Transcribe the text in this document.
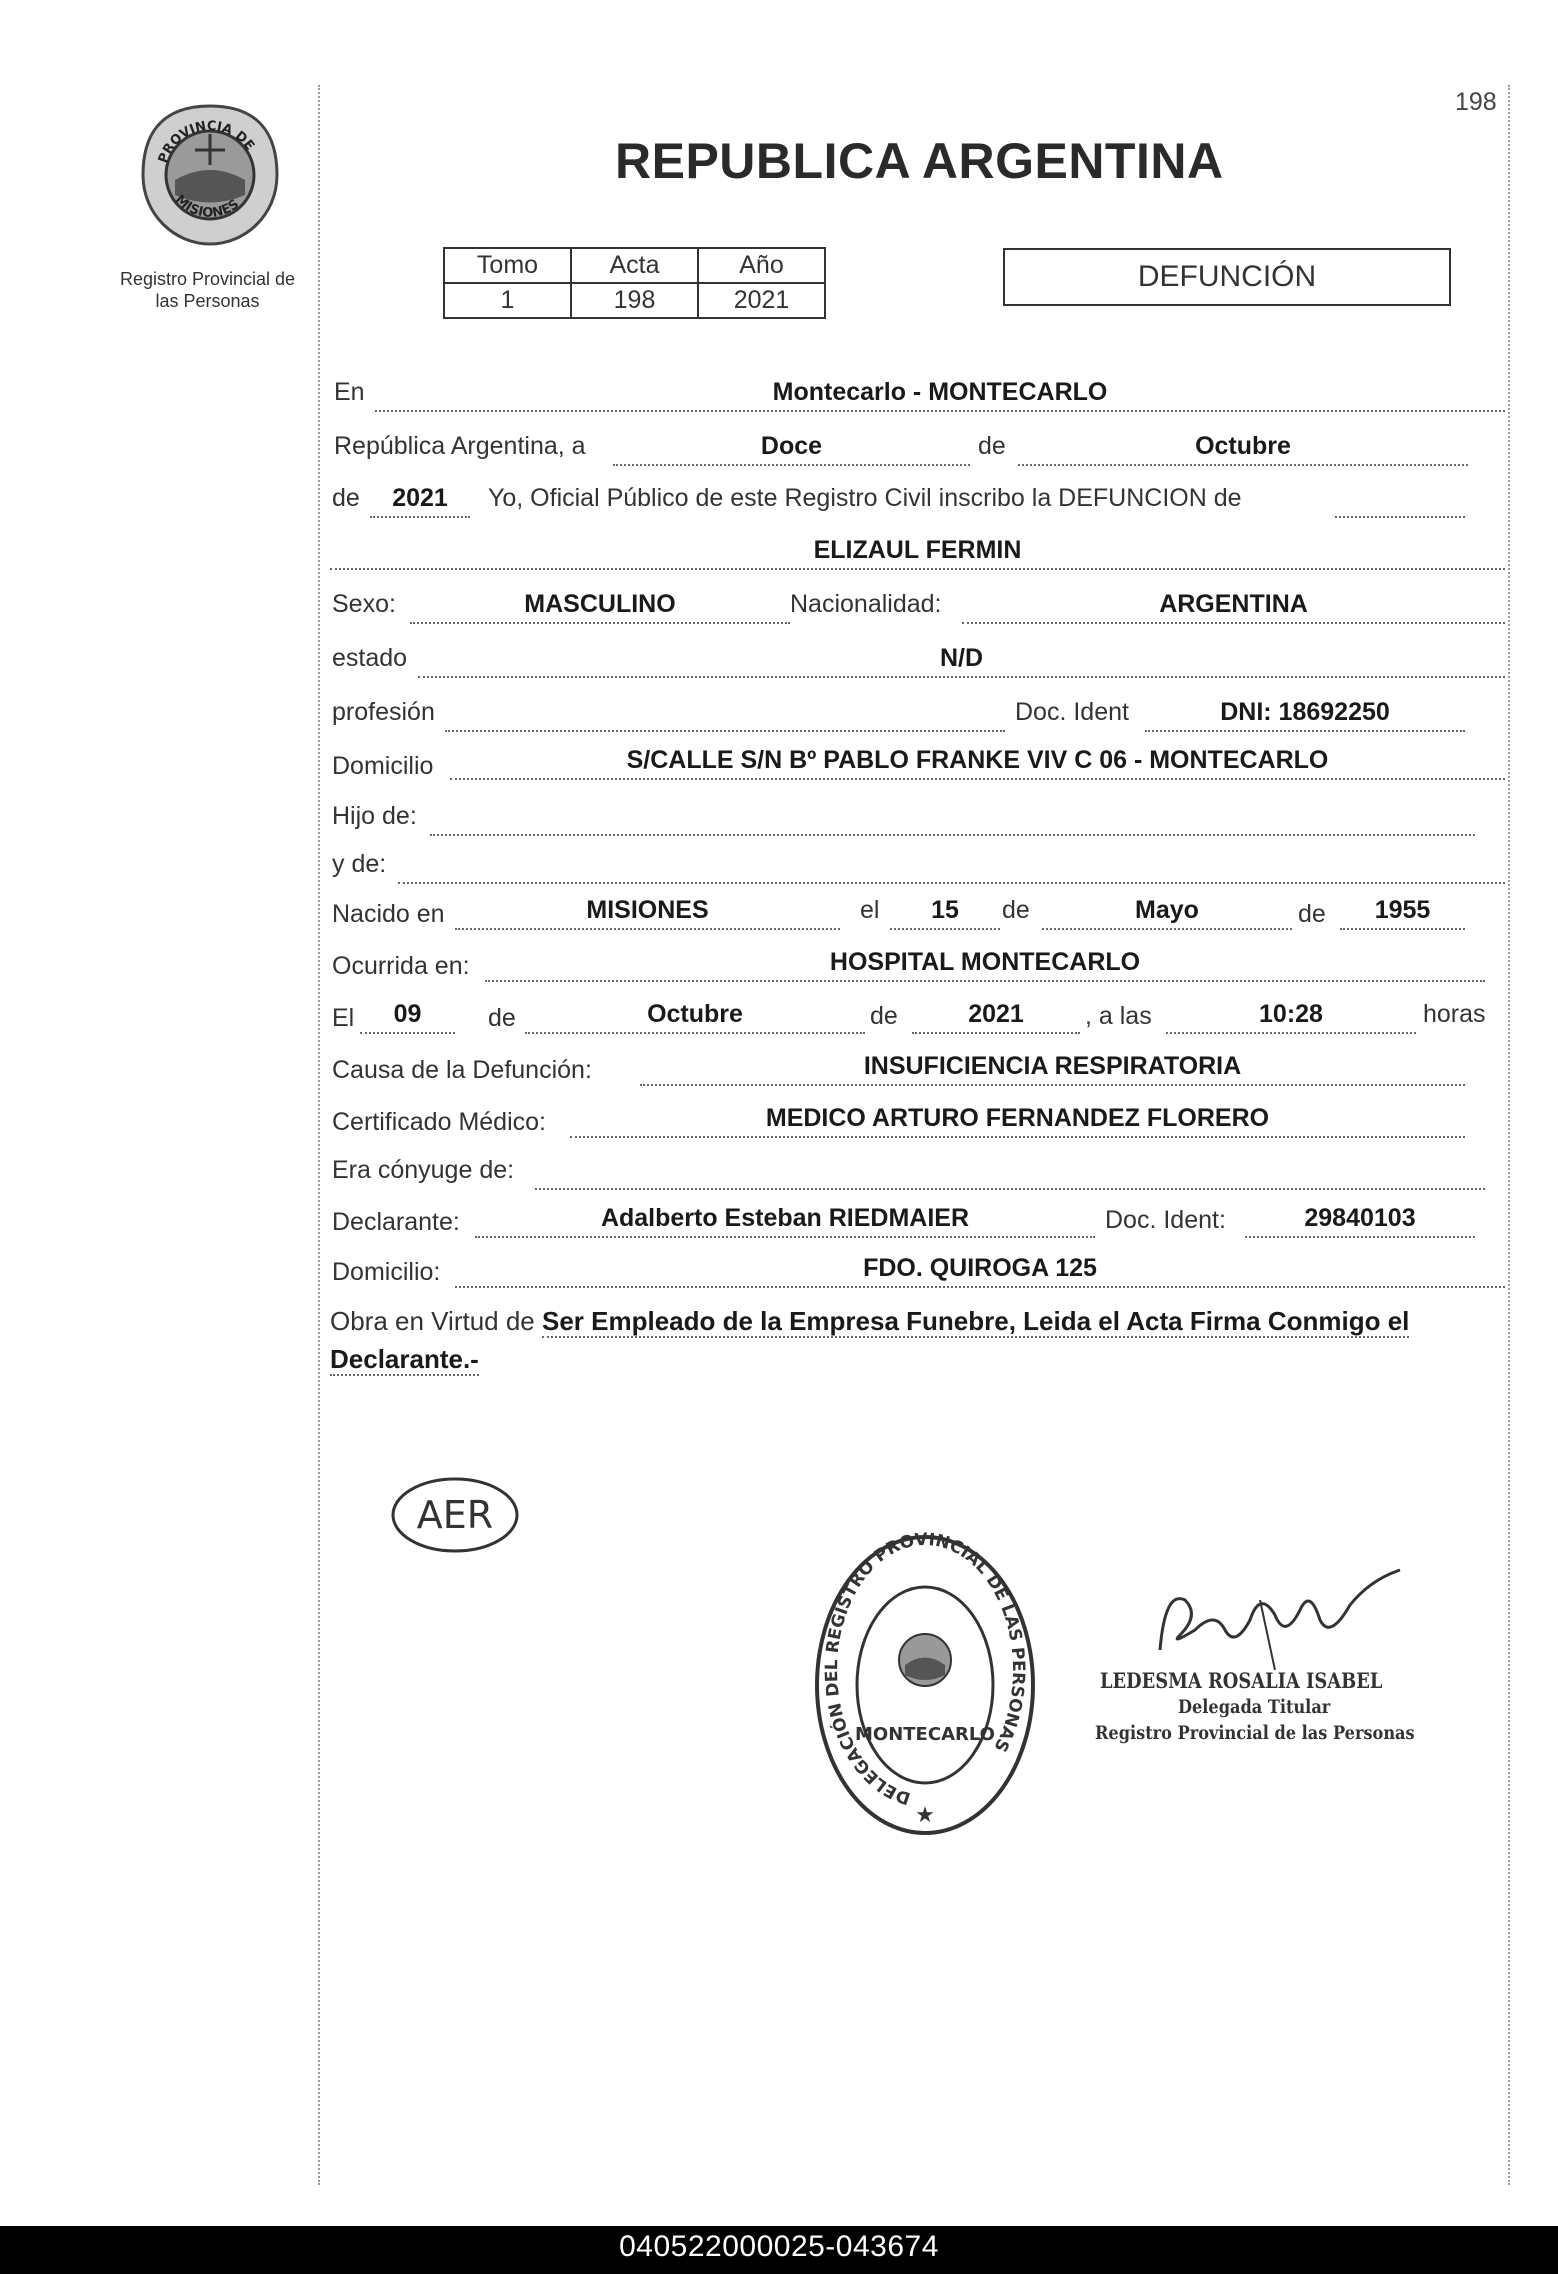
198
REPUBLICA ARGENTINA
PROVINCIA DE
MISIONES
Registro Provincial de
las Personas
Tomo	Acta	Año
1	198	2021
DEFUNCIÓN
En	Montecarlo - MONTECARLO
República Argentina, a	Doce	de	Octubre
de	2021	Yo, Oficial Público de este Registro Civil inscribo la DEFUNCION de
ELIZAUL FERMIN
Sexo:	MASCULINO	Nacionalidad:	ARGENTINA
estado	N/D
profesión	Doc. Ident	DNI: 18692250
Domicilio	S/CALLE S/N Bº PABLO FRANKE VIV C 06 - MONTECARLO
Hijo de:
y de:
Nacido en	MISIONES	el	15	de	Mayo	de	1955
Ocurrida en:	HOSPITAL MONTECARLO
El	09	de	Octubre	de	2021	, a las	10:28	horas
Causa de la Defunción:	INSUFICIENCIA RESPIRATORIA
Certificado Médico:	MEDICO ARTURO FERNANDEZ FLORERO
Era cónyuge de:
Declarante:	Adalberto Esteban RIEDMAIER	Doc. Ident:	29840103
Domicilio:	FDO. QUIROGA 125
Obra en Virtud de Ser Empleado de la Empresa Funebre, Leida el Acta Firma Conmigo el Declarante.-
AER
DELEGACIÓN DEL REGISTRO PROVINCIAL DE LAS PERSONAS
MONTECARLO
★
LEDESMA ROSALIA ISABEL
Delegada Titular
Registro Provincial de las Personas
040522000025-043674
